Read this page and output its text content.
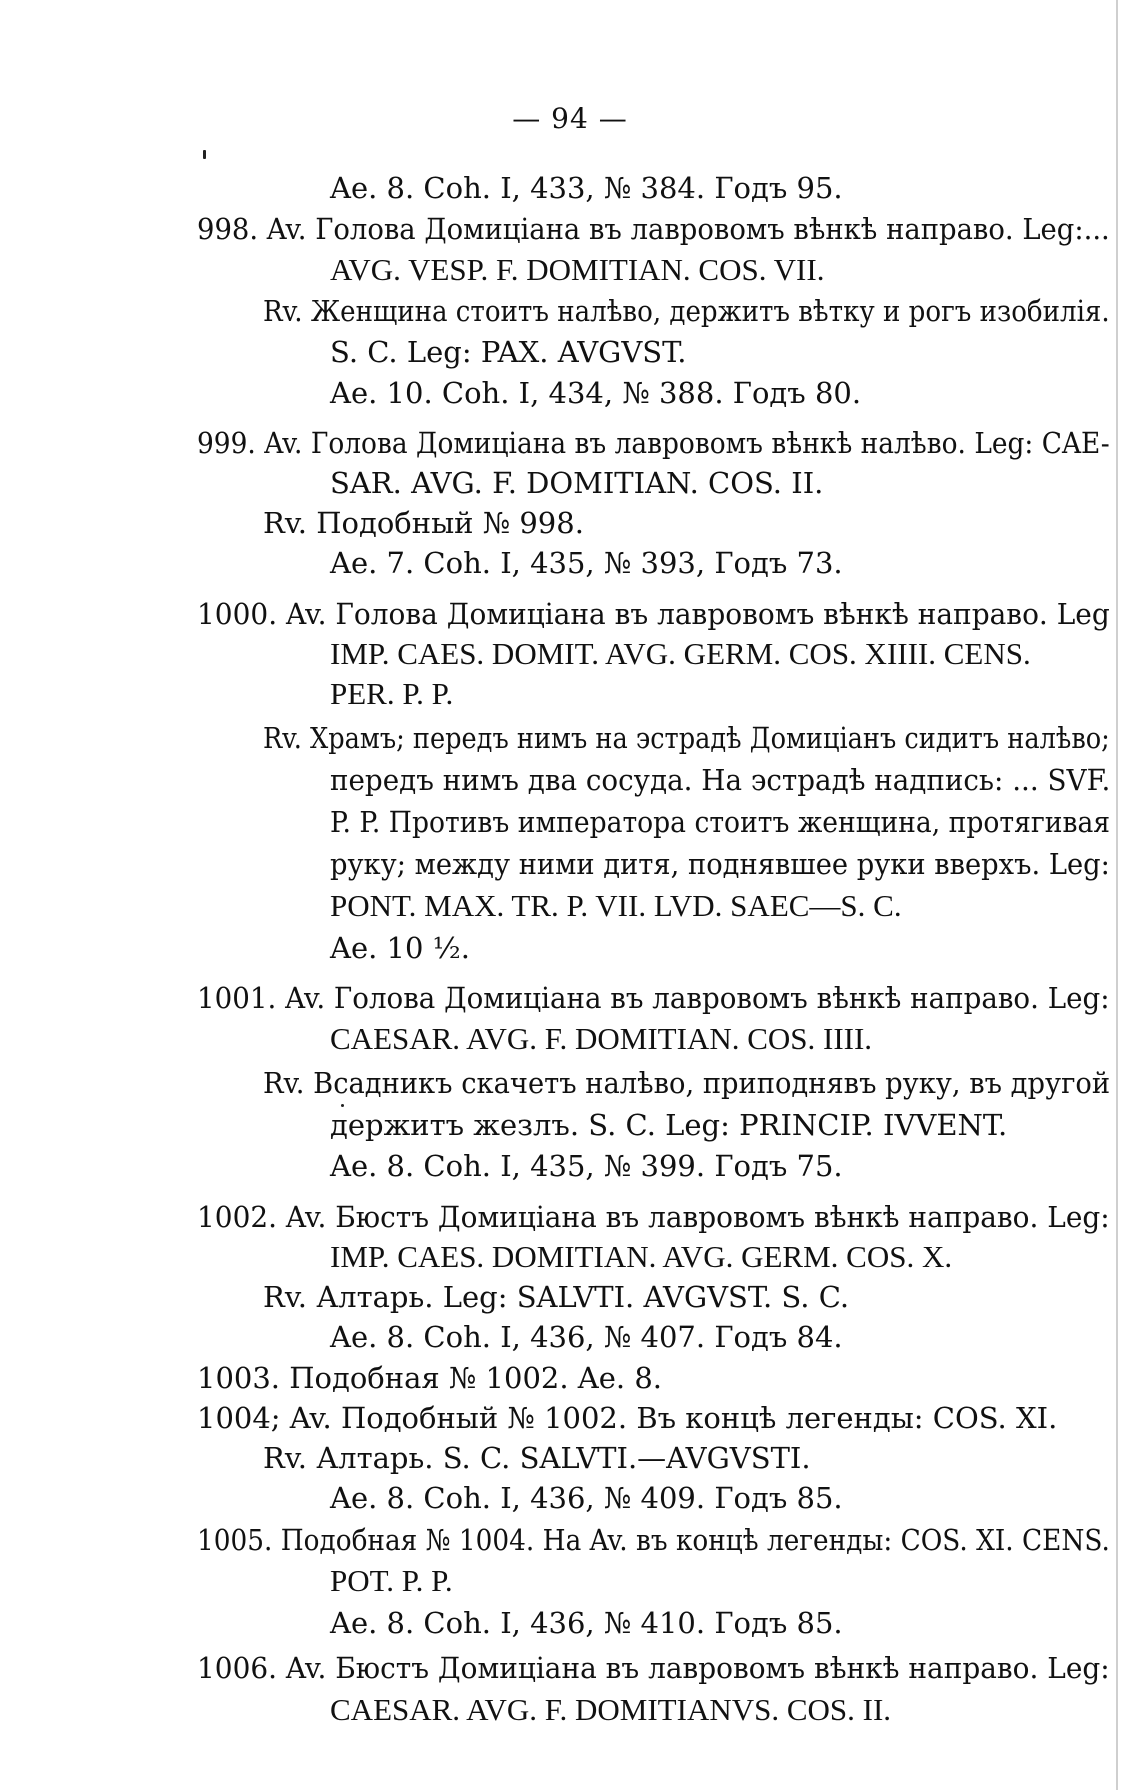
— 94 —
Ae. 8. Coh. I, 433, № 384. Годъ 95.
998. Av. Голова Домиціана въ лавровомъ вѣнкѣ направо. Leg:...
AVG. VESP. F. DOMITIAN. COS. VII.
Rv. Женщина стоитъ налѣво, держитъ вѣтку и рогъ изобилія.
S. C. Leg: PAX. AVGVST.
Ae. 10. Coh. I, 434, № 388. Годъ 80.
999. Av. Голова Домиціана въ лавровомъ вѣнкѣ налѣво. Leg: CAE-
SAR. AVG. F. DOMITIAN. COS. II.
Rv. Подобный № 998.
Ae. 7. Coh. I, 435, № 393, Годъ 73.
1000. Av. Голова Домиціана въ лавровомъ вѣнкѣ направо. Leg
IMP. CAES. DOMIT. AVG. GERM. COS. XIIII. CENS.
PER. P. P.
Rv. Храмъ; передъ нимъ на эстрадѣ Домиціанъ сидитъ налѣво;
передъ нимъ два сосуда. На эстрадѣ надпись: ... SVF.
P. P. Противъ императора стоитъ женщина, протягивая
руку; между ними дитя, поднявшее руки вверхъ. Leg:
PONT. MAX. TR. P. VII. LVD. SAEC—S. C.
Ae. 10 ½.
1001. Av. Голова Домиціана въ лавровомъ вѣнкѣ направо. Leg:
CAESAR. AVG. F. DOMITIAN. COS. IIII.
Rv. Всадникъ скачетъ налѣво, приподнявъ руку, въ другой
держитъ жезлъ. S. C. Leg: PRINCIP. IVVENT.
Ae. 8. Coh. I, 435, № 399. Годъ 75.
1002. Av. Бюстъ Домиціана въ лавровомъ вѣнкѣ направо. Leg:
IMP. CAES. DOMITIAN. AVG. GERM. COS. X.
Rv. Алтарь. Leg: SALVTI. AVGVST. S. C.
Ae. 8. Coh. I, 436, № 407. Годъ 84.
1003. Подобная № 1002. Ae. 8.
1004; Av. Подобный № 1002. Въ концѣ легенды: COS. XI.
Rv. Алтарь. S. C. SALVTI.—AVGVSTI.
Ae. 8. Coh. I, 436, № 409. Годъ 85.
1005. Подобная № 1004. На Av. въ концѣ легенды: COS. XI. CENS.
POT. P. P.
Ae. 8. Coh. I, 436, № 410. Годъ 85.
1006. Av. Бюстъ Домиціана въ лавровомъ вѣнкѣ направо. Leg:
CAESAR. AVG. F. DOMITIANVS. COS. II.
